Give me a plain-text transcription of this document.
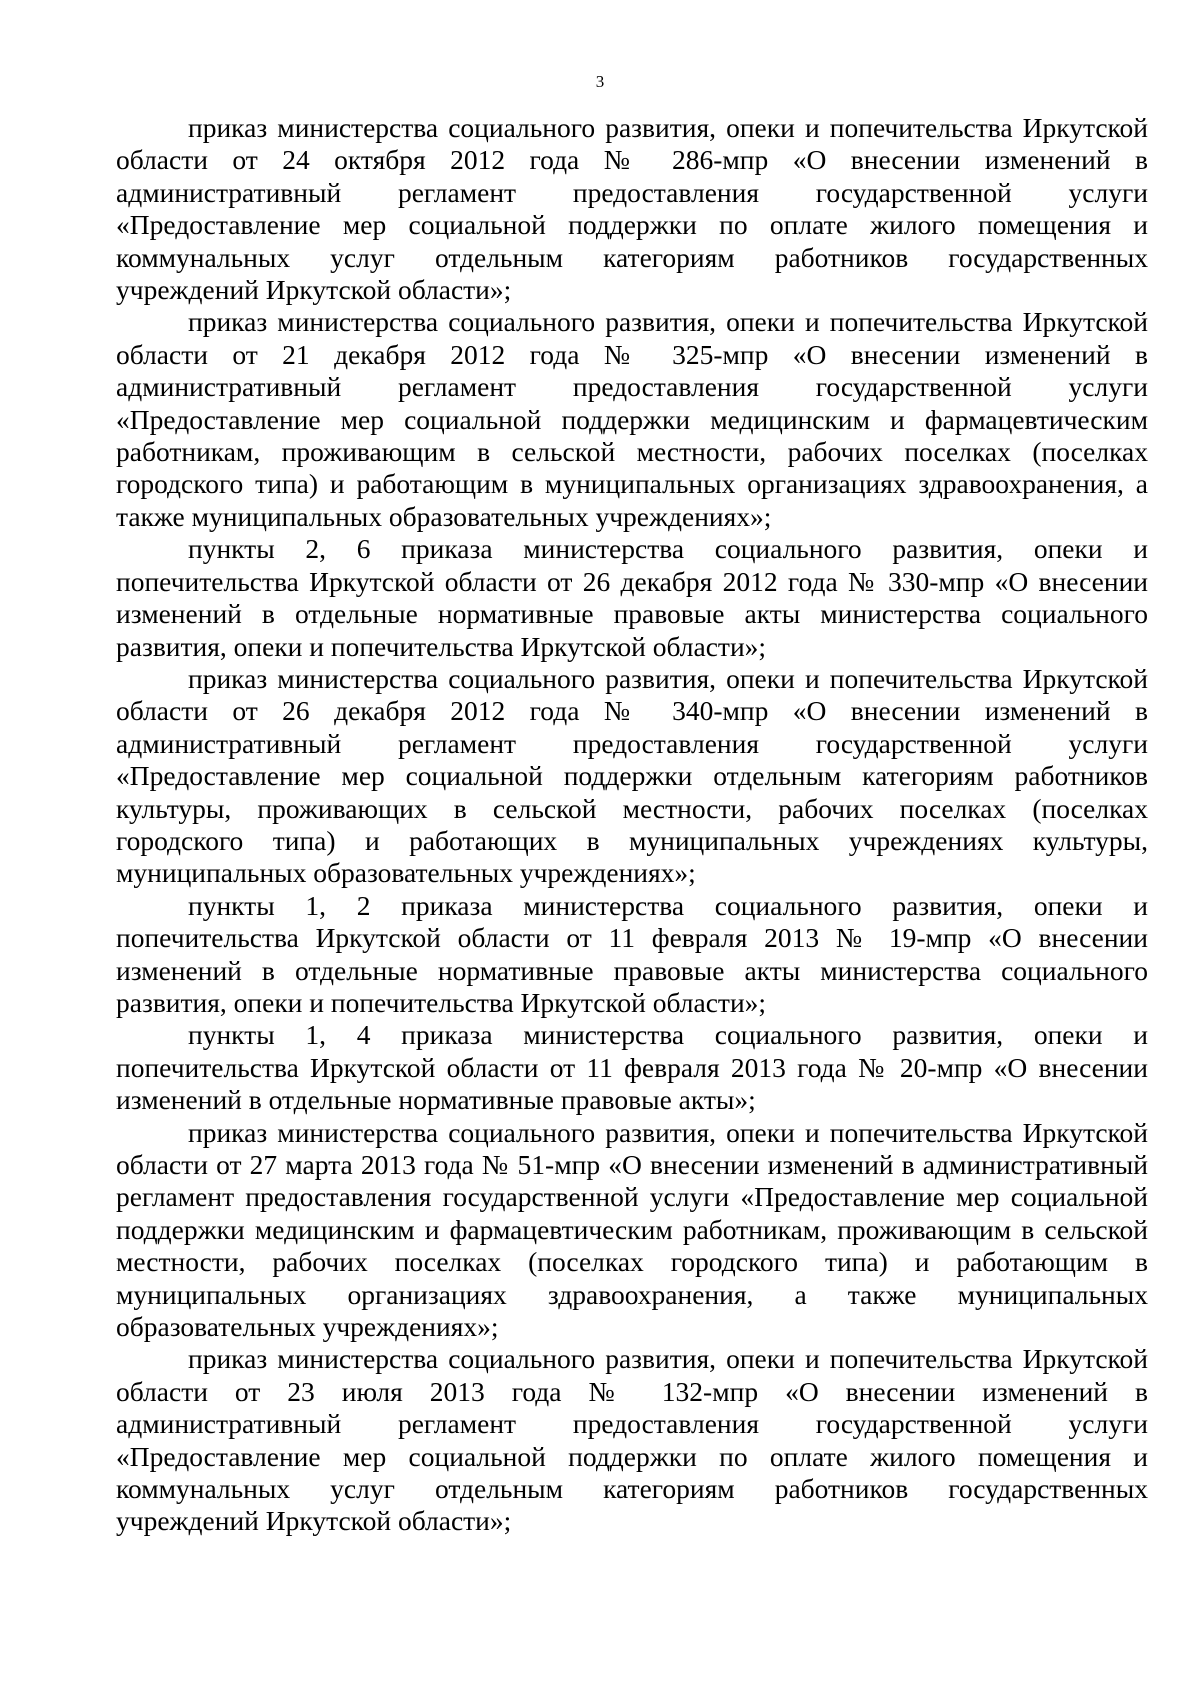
3

приказ министерства социального развития, опеки и попечительства Иркутской
области от 24 октября 2012 года № 286-мпр «О внесении изменений в
административный регламент предоставления государственной услуги
«Предоставление мер социальной поддержки по оплате жилого помещения и
коммунальных услуг отдельным категориям работников государственных
учреждений Иркутской области»;

приказ министерства социального развития, опеки и попечительства Иркутской
области от 21 декабря 2012 года № 325-мпр «О внесении изменений в
административный регламент предоставления государственной услуги
«Предоставление мер социальной поддержки медицинским и фармацевтическим
работникам, проживающим в сельской местности, рабочих поселках (поселках
городского типа) и работающим в муниципальных организациях здравоохранения, а
также муниципальных образовательных учреждениях»;

пункты 2, 6 приказа министерства социального развития, опеки и
попечительства Иркутской области от 26 декабря 2012 года № 330-мпр «О внесении
изменений в отдельные нормативные правовые акты министерства социального
развития, опеки и попечительства Иркутской области»;

приказ министерства социального развития, опеки и попечительства Иркутской
области от 26 декабря 2012 года № 340-мпр «О внесении изменений в
административный регламент предоставления государственной услуги
«Предоставление мер социальной поддержки отдельным категориям работников
культуры, проживающих в сельской местности, рабочих поселках (поселках
городского типа) и работающих в муниципальных учреждениях культуры,
муниципальных образовательных учреждениях»;

пункты 1, 2 приказа министерства социального развития, опеки и
попечительства Иркутской области от 11 февраля 2013 № 19-мпр «О внесении
изменений в отдельные нормативные правовые акты министерства социального
развития, опеки и попечительства Иркутской области»;

пункты 1, 4 приказа министерства социального развития, опеки и
попечительства Иркутской области от 11 февраля 2013 года № 20-мпр «О внесении
изменений в отдельные нормативные правовые акты»;

приказ министерства социального развития, опеки и попечительства Иркутской
области от 27 марта 2013 года № 51-мпр «О внесении изменений в административный
регламент предоставления государственной услуги «Предоставление мер социальной
поддержки медицинским и фармацевтическим работникам, проживающим в сельской
местности, рабочих поселках (поселках городского типа) и работающим в
муниципальных организациях здравоохранения, а также муниципальных
образовательных учреждениях»;

приказ министерства социального развития, опеки и попечительства Иркутской
области от 23 июля 2013 года № 132-мпр «О внесении изменений в
административный регламент предоставления государственной услуги
«Предоставление мер социальной поддержки по оплате жилого помещения и
коммунальных услуг отдельным категориям работников государственных
учреждений Иркутской области»;
